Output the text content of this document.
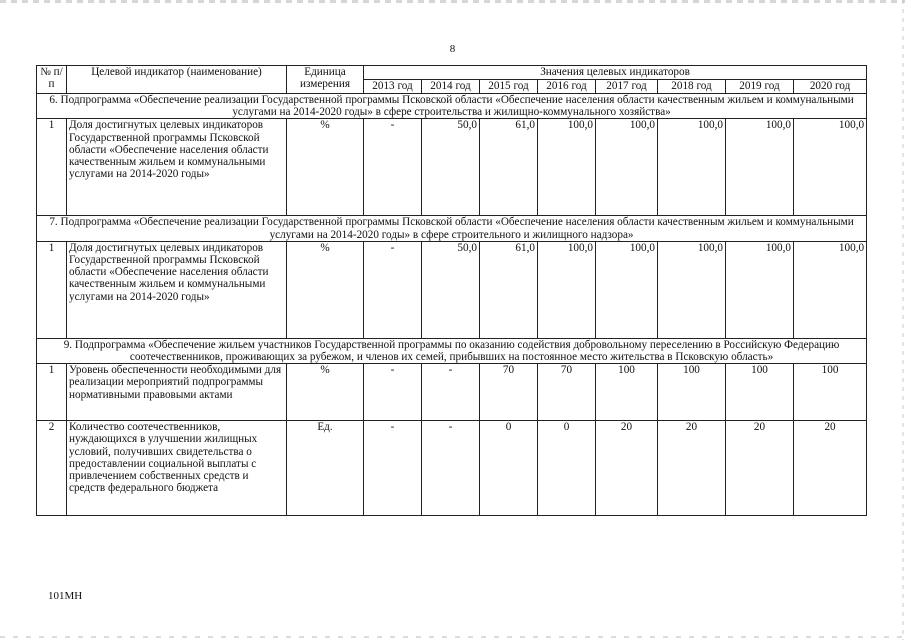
8
№ п/п	Целевой индикатор (наименование)	Единица измерения	Значения целевых индикаторов							
			2013 год	2014 год	2015 год	2016 год	2017 год	2018 год	2019 год	2020 год
6. Подпрограмма «Обеспечение реализации Государственной программы Псковской области «Обеспечение населения области качественным жильем и коммунальными услугами на 2014-2020 годы» в сфере строительства и жилищно-коммунального хозяйства»										
1	Доля достигнутых целевых индикаторов Государственной программы Псковской области «Обеспечение населения области качественным жильем и коммунальными услугами на 2014-2020 годы»	%	-	50,0	61,0	100,0	100,0	100,0	100,0	100,0
7. Подпрограмма «Обеспечение реализации Государственной программы Псковской области «Обеспечение населения области качественным жильем и коммунальными услугами на 2014-2020 годы» в сфере строительного и жилищного надзора»										
1	Доля достигнутых целевых индикаторов Государственной программы Псковской области «Обеспечение населения области качественным жильем и коммунальными услугами на 2014-2020 годы»	%	-	50,0	61,0	100,0	100,0	100,0	100,0	100,0
9. Подпрограмма «Обеспечение жильем участников Государственной программы по оказанию содействия добровольному переселению в Российскую Федерацию соотечественников, проживающих за рубежом, и членов их семей, прибывших на постоянное место жительства в Псковскую область»										
1	Уровень обеспеченности необходимыми для реализации мероприятий подпрограммы нормативными правовыми актами	%	-	-	70	70	100	100	100	100
2	Количество соотечественников, нуждающихся в улучшении жилищных условий, получивших свидетельства о предоставлении социальной выплаты с привлечением собственных средств и средств федерального бюджета	Ед.	-	-	0	0	20	20	20	20
101МН
